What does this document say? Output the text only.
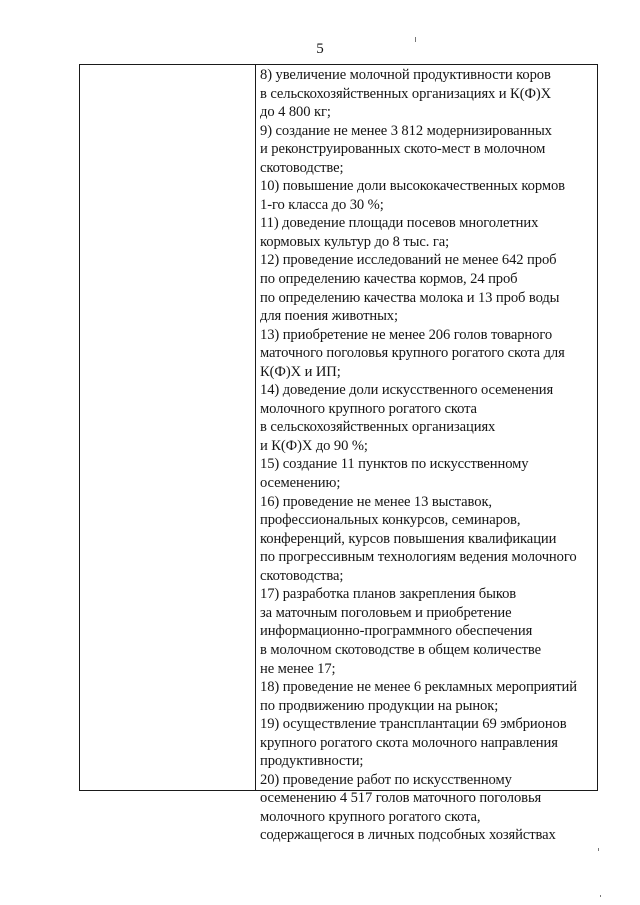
5
8) увеличение молочной продуктивности коров
в сельскохозяйственных организациях и К(Ф)Х
до 4 800 кг;
9) создание не менее 3 812 модернизированных
и реконструированных ското-мест в молочном
скотоводстве;
10) повышение доли высококачественных кормов
1-го класса до 30 %;
11) доведение площади посевов многолетних
кормовых культур до 8 тыс. га;
12) проведение исследований не менее 642 проб
по определению качества кормов, 24 проб
по определению качества молока и 13 проб воды
для поения животных;
13) приобретение не менее 206 голов товарного
маточного поголовья крупного рогатого скота для
К(Ф)Х и ИП;
14) доведение доли искусственного осеменения
молочного крупного рогатого скота
в сельскохозяйственных организациях
и К(Ф)Х до 90 %;
15) создание 11 пунктов по искусственному
осеменению;
16) проведение не менее 13 выставок,
профессиональных конкурсов, семинаров,
конференций, курсов повышения квалификации
по прогрессивным технологиям ведения молочного
скотоводства;
17) разработка планов закрепления быков
за маточным поголовьем и приобретение
информационно-программного обеспечения
в молочном скотоводстве в общем количестве
не менее 17;
18) проведение не менее 6 рекламных мероприятий
по продвижению продукции на рынок;
19) осуществление трансплантации 69 эмбрионов
крупного рогатого скота молочного направления
продуктивности;
20) проведение работ по искусственному
осеменению 4 517 голов маточного поголовья
молочного крупного рогатого скота,
содержащегося в личных подсобных хозяйствах
